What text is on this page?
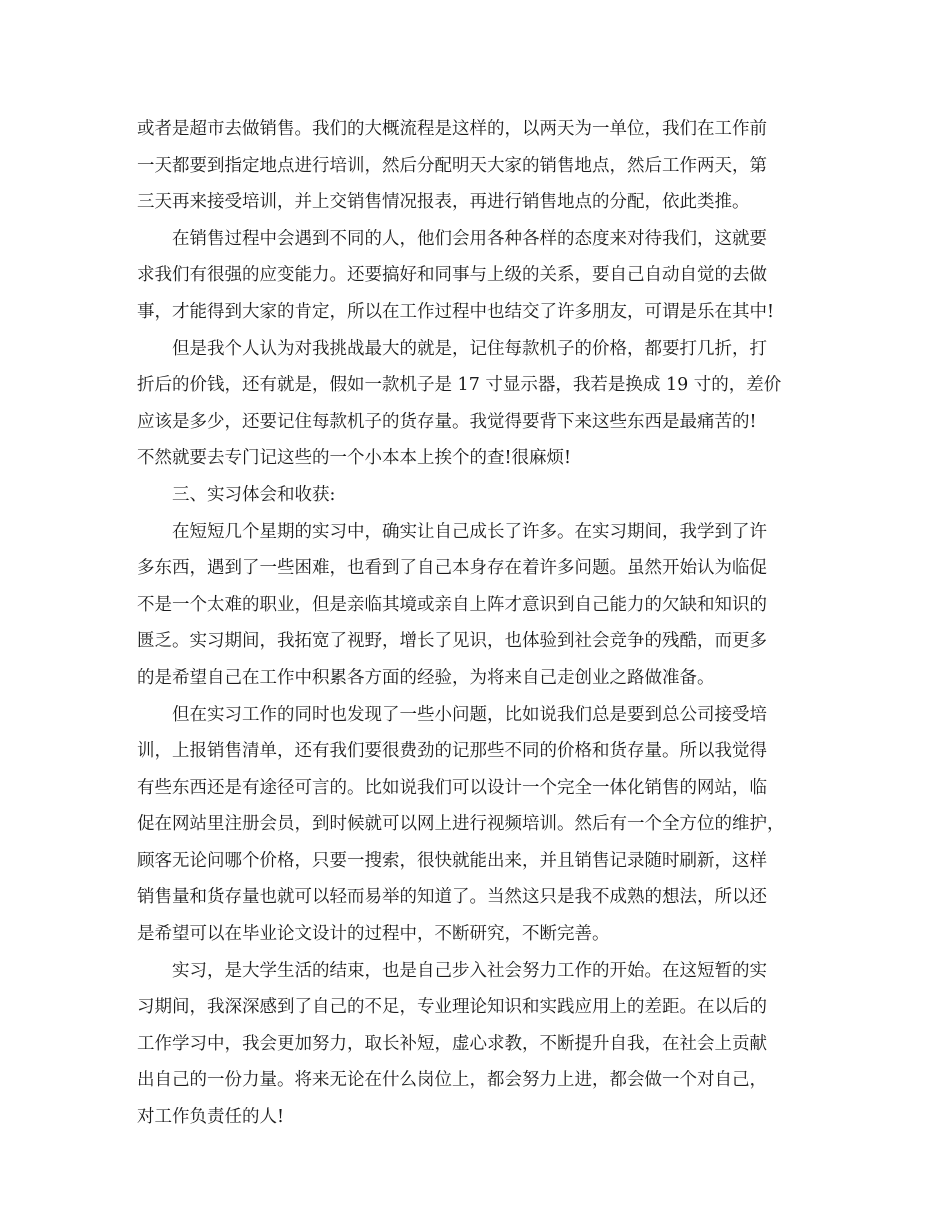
或者是超市去做销售。我们的大概流程是这样的，以两天为一单位，我们在工作前
一天都要到指定地点进行培训，然后分配明天大家的销售地点，然后工作两天，第
三天再来接受培训，并上交销售情况报表，再进行销售地点的分配，依此类推。

在销售过程中会遇到不同的人，他们会用各种各样的态度来对待我们，这就要
求我们有很强的应变能力。还要搞好和同事与上级的关系，要自己自动自觉的去做
事，才能得到大家的肯定，所以在工作过程中也结交了许多朋友，可谓是乐在其中!

但是我个人认为对我挑战最大的就是，记住每款机子的价格，都要打几折，打
折后的价钱，还有就是，假如一款机子是 17 寸显示器，我若是换成 19 寸的，差价
应该是多少，还要记住每款机子的货存量。我觉得要背下来这些东西是最痛苦的!
不然就要去专门记这些的一个小本本上挨个的查!很麻烦!

三、实习体会和收获:

在短短几个星期的实习中，确实让自己成长了许多。在实习期间，我学到了许
多东西，遇到了一些困难，也看到了自己本身存在着许多问题。虽然开始认为临促
不是一个太难的职业，但是亲临其境或亲自上阵才意识到自己能力的欠缺和知识的
匮乏。实习期间，我拓宽了视野，增长了见识，也体验到社会竞争的残酷，而更多
的是希望自己在工作中积累各方面的经验，为将来自己走创业之路做准备。

但在实习工作的同时也发现了一些小问题，比如说我们总是要到总公司接受培
训，上报销售清单，还有我们要很费劲的记那些不同的价格和货存量。所以我觉得
有些东西还是有途径可言的。比如说我们可以设计一个完全一体化销售的网站，临
促在网站里注册会员，到时候就可以网上进行视频培训。然后有一个全方位的维护，
顾客无论问哪个价格，只要一搜索，很快就能出来，并且销售记录随时刷新，这样
销售量和货存量也就可以轻而易举的知道了。当然这只是我不成熟的想法，所以还
是希望可以在毕业论文设计的过程中，不断研究，不断完善。

实习，是大学生活的结束，也是自己步入社会努力工作的开始。在这短暂的实
习期间，我深深感到了自己的不足，专业理论知识和实践应用上的差距。在以后的
工作学习中，我会更加努力，取长补短，虚心求教，不断提升自我，在社会上贡献
出自己的一份力量。将来无论在什么岗位上，都会努力上进，都会做一个对自己，
对工作负责任的人!
